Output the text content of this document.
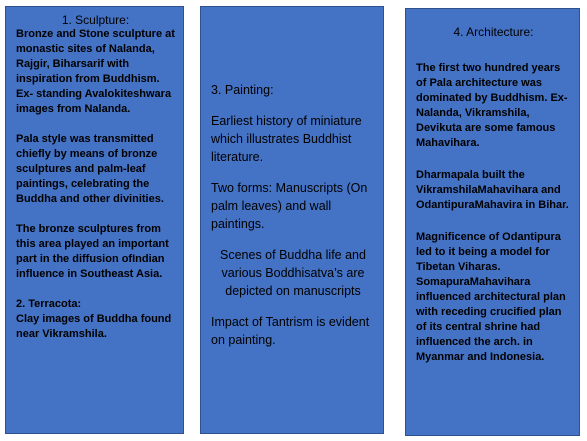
1. Sculpture:

Bronze and Stone sculpture at monastic sites of Nalanda, Rajgir, Biharsarif with inspiration from Buddhism. Ex- standing Avalokiteshwara images from Nalanda.

Pala style was transmitted chiefly by means of bronze sculptures and palm-leaf paintings, celebrating the Buddha and other divinities.

The bronze sculptures from this area played an important part in the diffusion ofIndian influence in Southeast Asia.

2. Terracota:

Clay images of Buddha found near Vikramshila.

3. Painting:

Earliest history of miniature which illustrates Buddhist literature.

Two forms: Manuscripts (On palm leaves) and wall paintings.

Scenes of Buddha life and various Boddhisatva’s are depicted on manuscripts

Impact of Tantrism is evident on painting.

4. Architecture:

The first two hundred years of Pala architecture was dominated by Buddhism. Ex- Nalanda, Vikramshila, Devikuta are some famous Mahavihara.

Dharmapala built the VikramshilaMahavihara and OdantipuraMahavira in Bihar.

Magnificence of Odantipura led to it being a model for Tibetan Viharas. SomapuraMahavihara influenced architectural plan with receding crucified plan of its central shrine had influenced the arch. in Myanmar and Indonesia.
